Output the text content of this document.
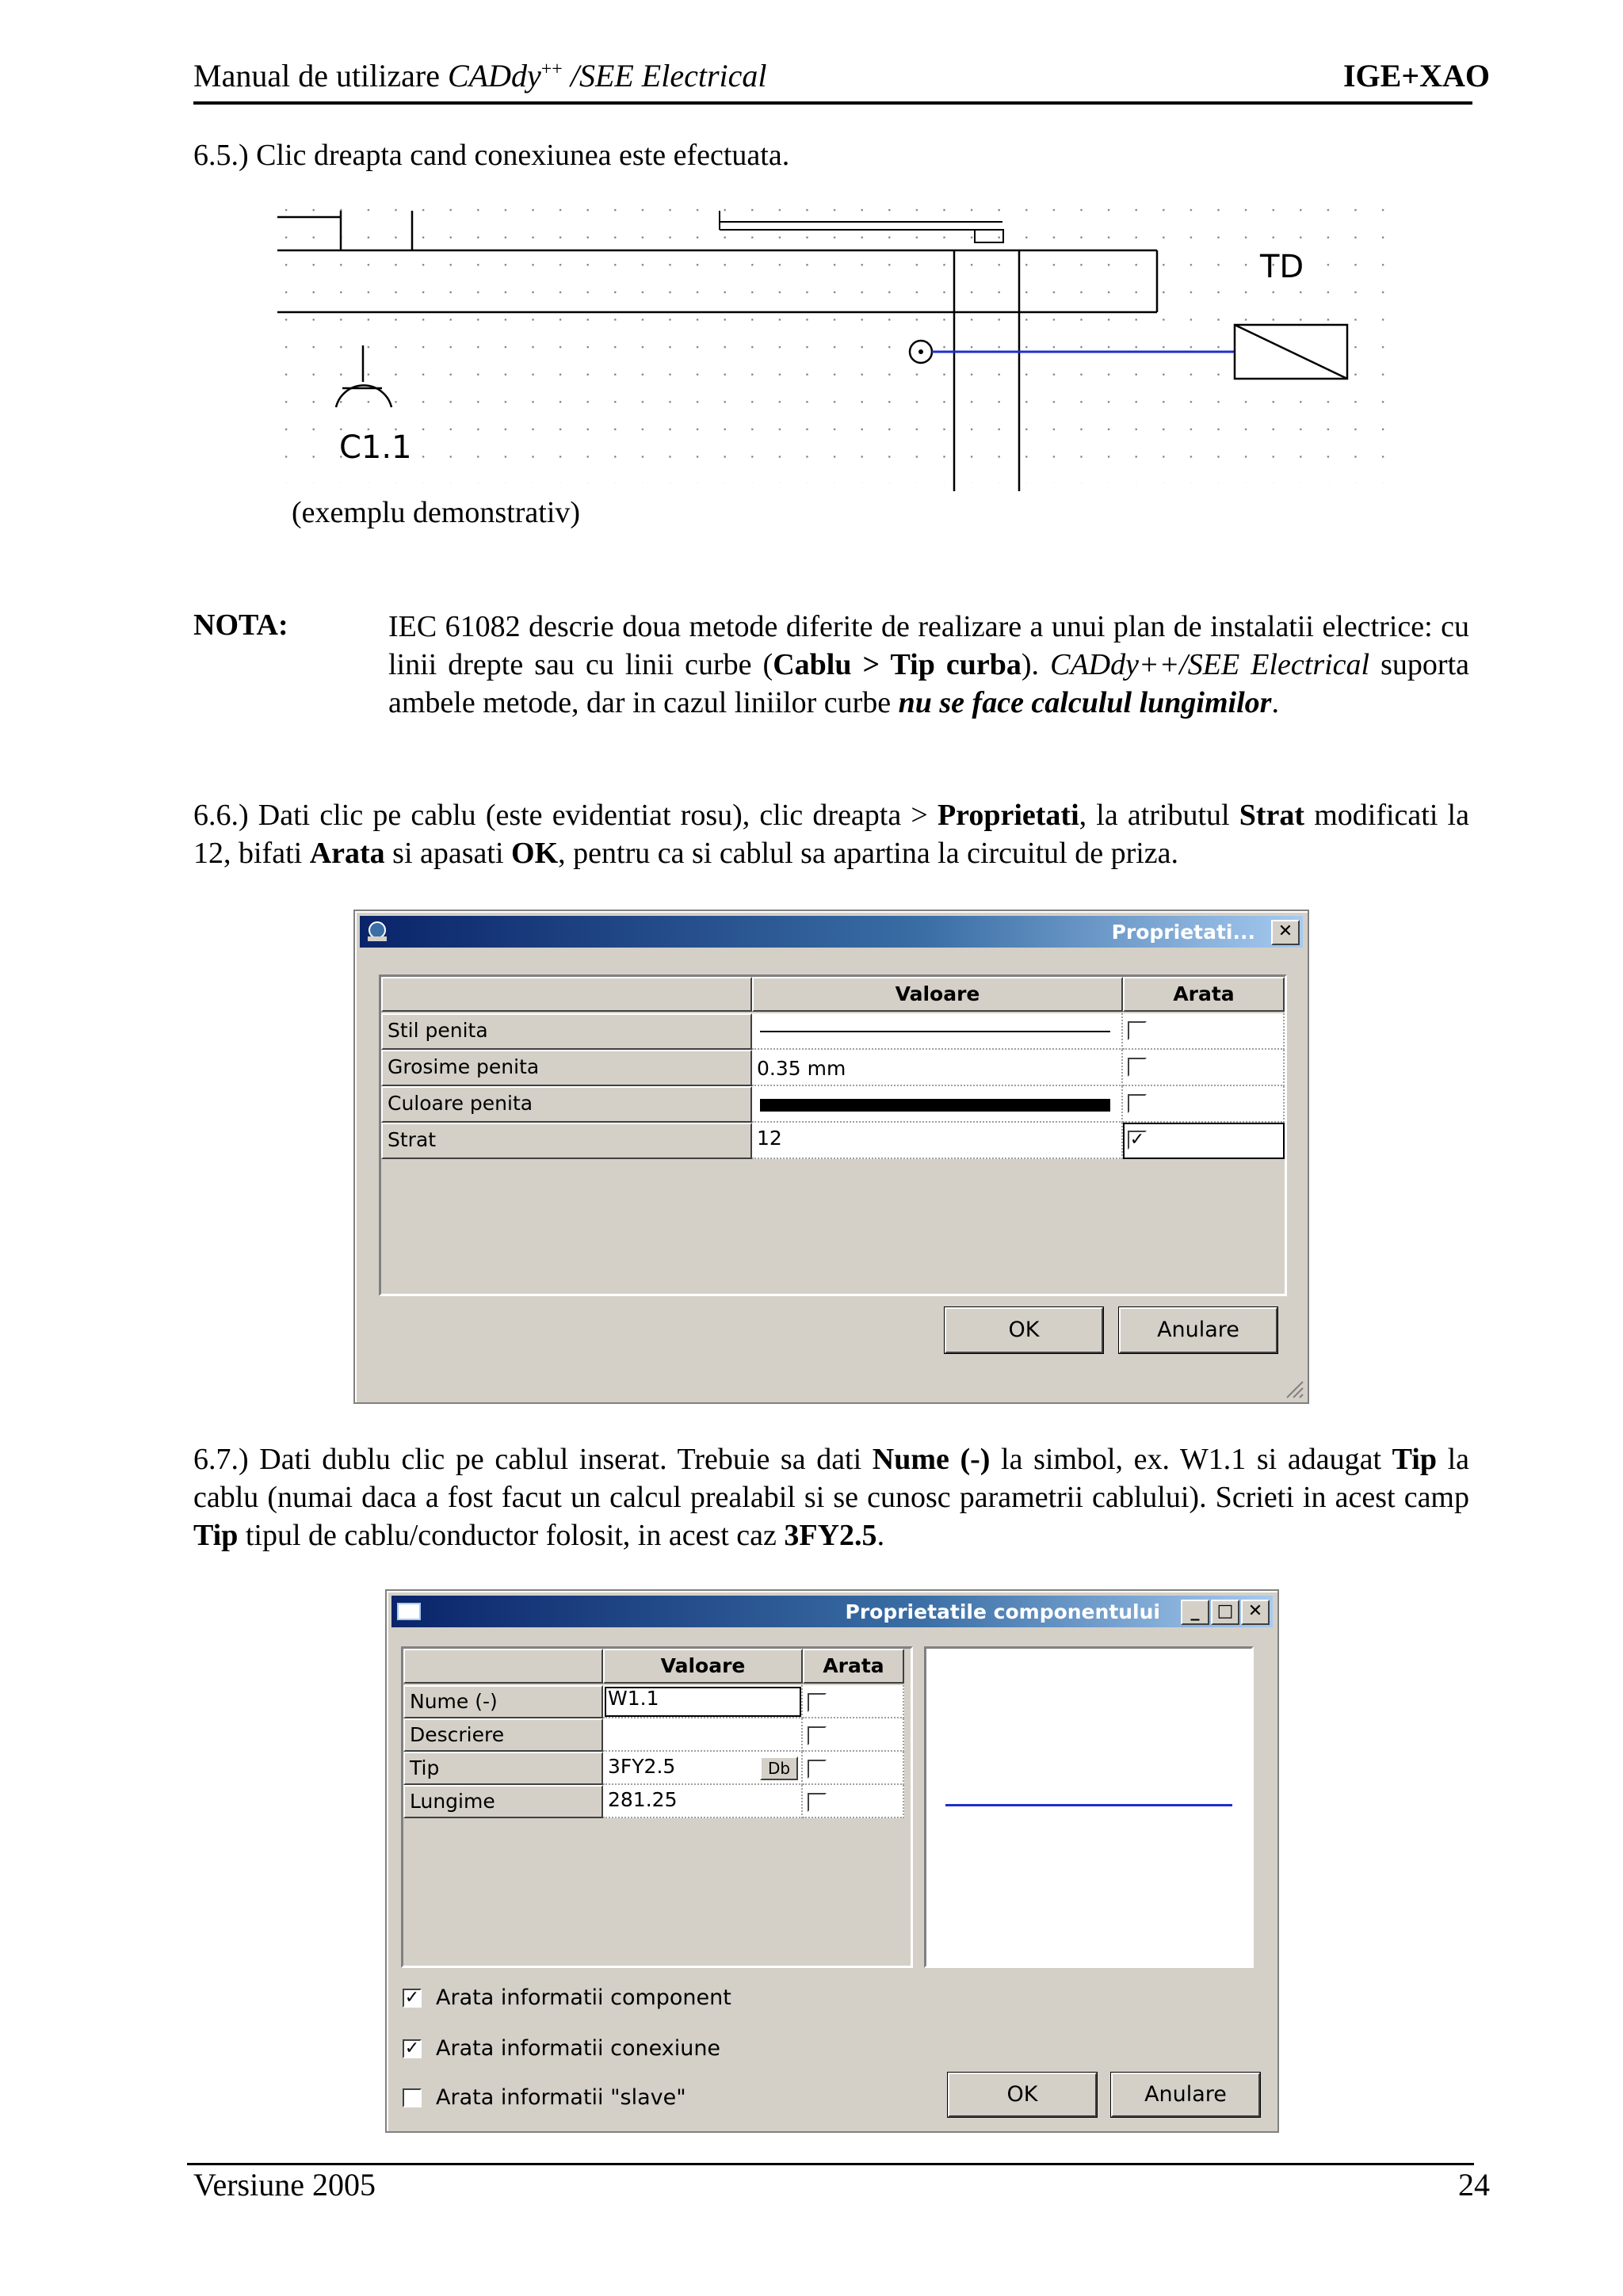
Manual de utilizare CADdy++ /SEE Electrical	IGE+XAO
6.5.) Clic dreapta cand conexiunea este efectuata.
TD
C1.1
(exemplu demonstrativ)
NOTA:	IEC 61082 descrie doua metode diferite de realizare a unui plan de instalatii electrice: cu linii drepte sau cu linii curbe (Cablu > Tip curba). CADdy++/SEE Electrical suporta ambele metode, dar in cazul liniilor curbe nu se face calculul lungimilor.
6.6.) Dati clic pe cablu (este evidentiat rosu), clic dreapta > Proprietati, la atributul Strat modificati la 12, bifati Arata si apasati OK, pentru ca si cablul sa apartina la circuitul de priza.
Proprietati...	✕
Valoare	Arata
Stil penita
Grosime penita	0.35 mm
Culoare penita
Strat	12	✓
OK	Anulare
6.7.) Dati dublu clic pe cablul inserat. Trebuie sa dati Nume (-) la simbol, ex. W1.1 si adaugat Tip la cablu (numai daca a fost facut un calcul prealabil si se cunosc parametrii cablului). Scrieti in acest camp Tip tipul de cablu/conductor folosit, in acest caz 3FY2.5.
Proprietatile componentului	_	□ ✕
Valoare	Arata
Nume (-)	W1.1
Descriere
Tip	3FY2.5	Db
Lungime	281.25
✓ Arata informatii component
✓ Arata informatii conexiune
Arata informatii "slave"	OK	Anulare
Versiune 2005	24
